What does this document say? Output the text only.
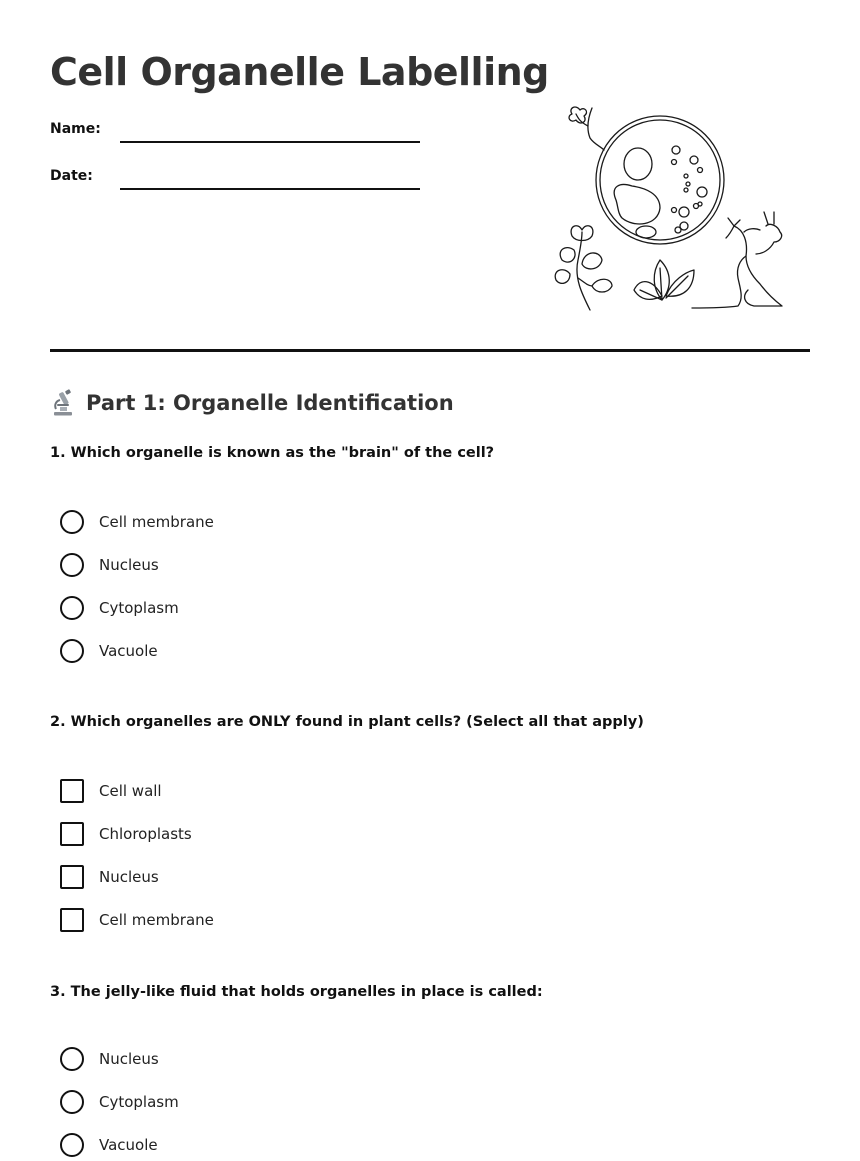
Cell Organelle Labelling
Name:
Date:
Part 1: Organelle Identification

1. Which organelle is known as the "brain" of the cell?

Cell membrane
Nucleus
Cytoplasm
Vacuole

2. Which organelles are ONLY found in plant cells? (Select all that apply)

Cell wall
Chloroplasts
Nucleus
Cell membrane

3. The jelly-like fluid that holds organelles in place is called:

Nucleus
Cytoplasm
Vacuole
